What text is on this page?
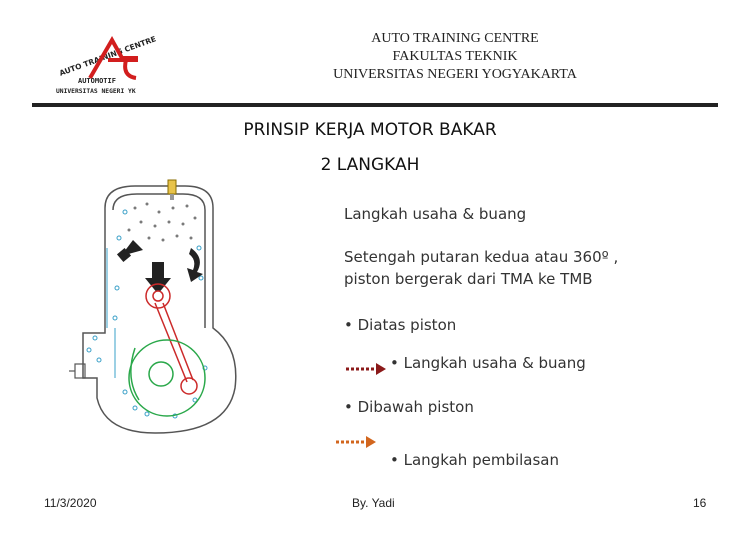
AUTO TRAINING CENTRE
AUTOMOTIF
UNIVERSITAS NEGERI YK
AUTO TRAINING CENTRE
FAKULTAS TEKNIK
UNIVERSITAS NEGERI YOGYAKARTA
PRINSIP KERJA MOTOR BAKAR
2 LANGKAH
Langkah usaha & buang
Setengah putaran kedua atau 360º ,
piston bergerak dari TMA ke TMB
• Diatas piston
• Langkah usaha & buang
• Dibawah piston
• Langkah pembilasan
11/3/2020	By. Yadi	16
